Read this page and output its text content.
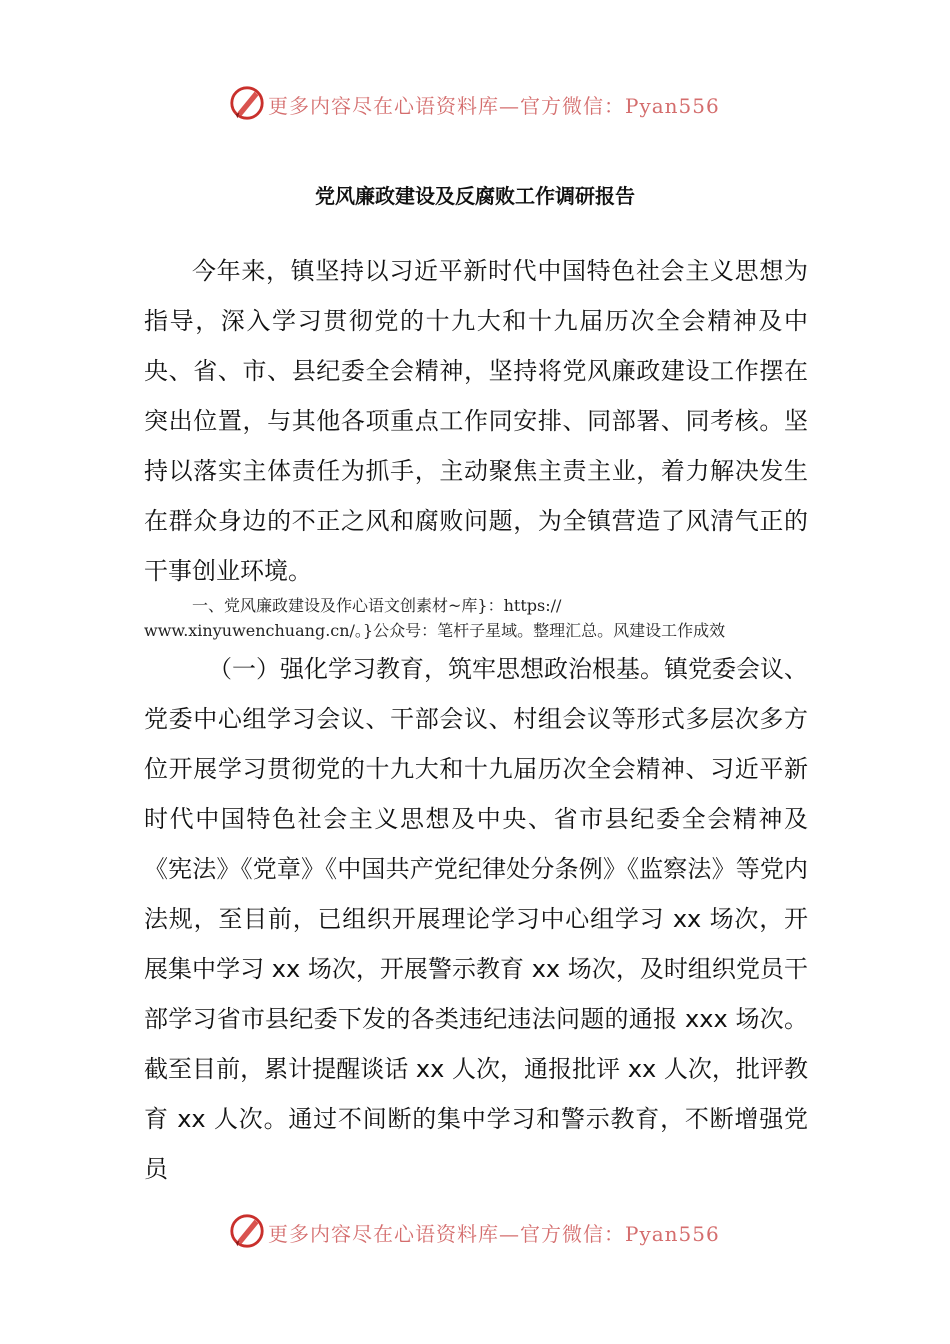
更多内容尽在心语资料库—官方微信：Pyan556
党风廉政建设及反腐败工作调研报告

今年来，镇坚持以习近平新时代中国特色社会主义思想为指导，深入学习贯彻党的十九大和十九届历次全会精神及中央、省、市、县纪委全会精神，坚持将党风廉政建设工作摆在突出位置，与其他各项重点工作同安排、同部署、同考核。坚持以落实主体责任为抓手，主动聚焦主责主业，着力解决发生在群众身边的不正之风和腐败问题，为全镇营造了风清气正的干事创业环境。

一、党风廉政建设及作心语文创素材~库}：https://
www.xinyuwenchuang.cn/。}公众号：笔杆子星域。整理汇总。风建设工作成效

（一）强化学习教育，筑牢思想政治根基。镇党委会议、党委中心组学习会议、干部会议、村组会议等形式多层次多方位开展学习贯彻党的十九大和十九届历次全会精神、习近平新时代中国特色社会主义思想及中央、省市县纪委全会精神及《宪法》《党章》《中国共产党纪律处分条例》《监察法》等党内法规，至目前，已组织开展理论学习中心组学习 xx 场次，开展集中学习 xx 场次，开展警示教育 xx 场次，及时组织党员干部学习省市县纪委下发的各类违纪违法问题的通报 xxx 场次。截至目前，累计提醒谈话 xx 人次，通报批评 xx 人次，批评教育 xx 人次。通过不间断的集中学习和警示教育，不断增强党员

更多内容尽在心语资料库—官方微信：Pyan556
